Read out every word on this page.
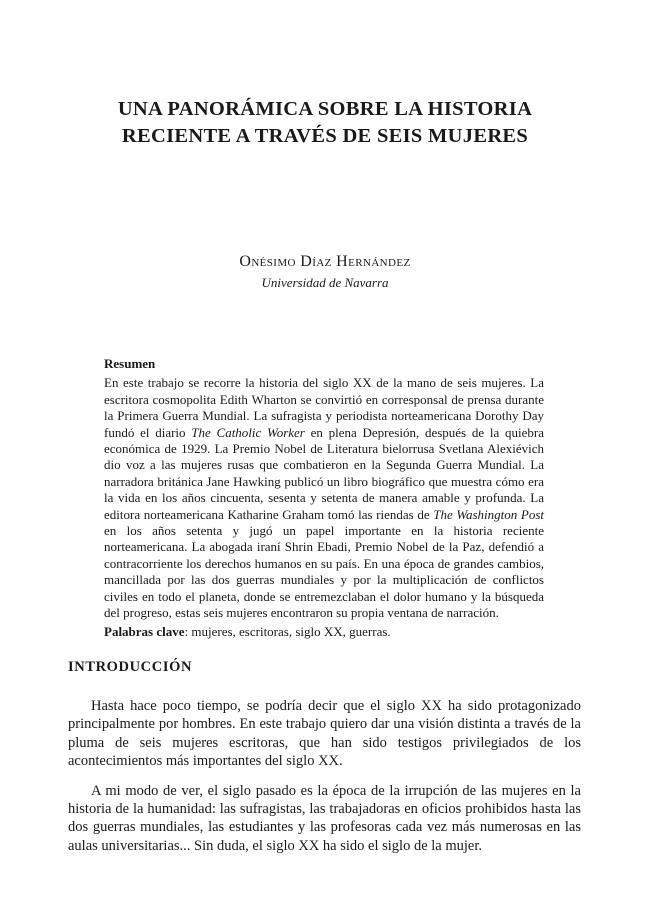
UNA PANORÁMICA SOBRE LA HISTORIA
RECIENTE A TRAVÉS DE SEIS MUJERES
Onésimo Díaz Hernández
Universidad de Navarra

Resumen

En este trabajo se recorre la historia del siglo XX de la mano de seis mujeres. La escritora cosmopolita Edith Wharton se convirtió en corresponsal de prensa durante la Primera Guerra Mundial. La sufragista y periodista norteamericana Dorothy Day fundó el diario The Catholic Worker en plena Depresión, después de la quiebra económica de 1929. La Premio Nobel de Literatura bielorrusa Svetlana Alexiévich dio voz a las mujeres rusas que combatieron en la Segunda Guerra Mundial. La narradora británica Jane Hawking publicó un libro biográfico que muestra cómo era la vida en los años cincuenta, sesenta y setenta de manera amable y profunda. La editora norteamericana Katharine Graham tomó las riendas de The Washington Post en los años setenta y jugó un papel importante en la historia reciente norteamericana. La abogada iraní Shrin Ebadi, Premio Nobel de la Paz, defendió a contracorriente los derechos humanos en su país. En una época de grandes cambios, mancillada por las dos guerras mundiales y por la multiplicación de conflictos civiles en todo el planeta, donde se entremezclaban el dolor humano y la búsqueda del progreso, estas seis mujeres encontraron su propia ventana de narración.

Palabras clave: mujeres, escritoras, siglo XX, guerras.

INTRODUCCIÓN

Hasta hace poco tiempo, se podría decir que el siglo XX ha sido protagonizado principalmente por hombres. En este trabajo quiero dar una visión distinta a través de la pluma de seis mujeres escritoras, que han sido testigos privilegiados de los acontecimientos más importantes del siglo XX.

A mi modo de ver, el siglo pasado es la época de la irrupción de las mujeres en la historia de la humanidad: las sufragistas, las trabajadoras en oficios prohibidos hasta las dos guerras mundiales, las estudiantes y las profesoras cada vez más numerosas en las aulas universitarias... Sin duda, el siglo XX ha sido el siglo de la mujer.
